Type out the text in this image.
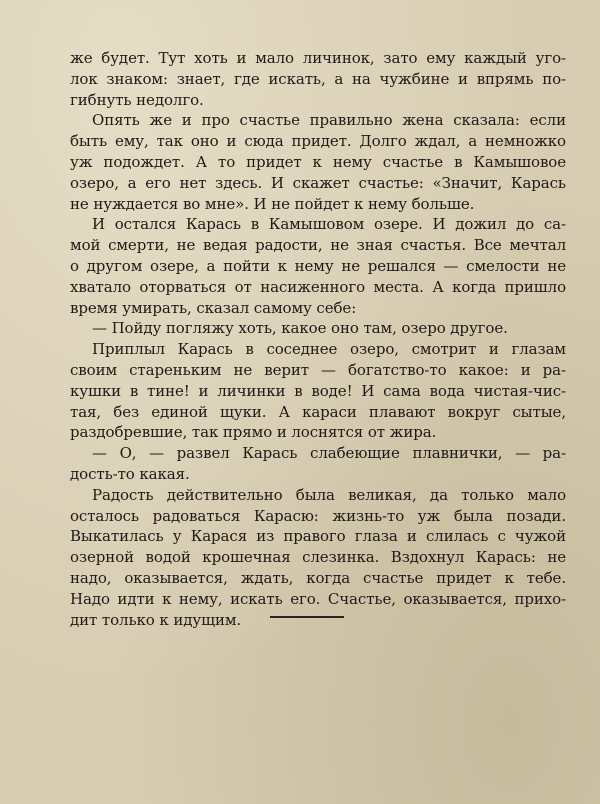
же будет. Тут хоть и мало личинок, зато ему каждый уго-
лок знаком: знает, где искать, а на чужбине и впрямь по-
гибнуть недолго.
Опять же и про счастье правильно жена сказала: если
быть ему, так оно и сюда придет. Долго ждал, а немножко
уж подождет. А то придет к нему счастье в Камышовое
озеро, а его нет здесь. И скажет счастье: «Значит, Карась
не нуждается во мне». И не пойдет к нему больше.
И остался Карась в Камышовом озере. И дожил до са-
мой смерти, не ведая радости, не зная счастья. Все мечтал
о другом озере, а пойти к нему не решался — смелости не
хватало оторваться от насиженного места. А когда пришло
время умирать, сказал самому себе:
— Пойду погляжу хоть, какое оно там, озеро другое.
Приплыл Карась в соседнее озеро, смотрит и глазам
своим стареньким не верит — богатство-то какое: и ра-
кушки в тине! и личинки в воде! И сама вода чистая-чис-
тая, без единой щуки. А караси плавают вокруг сытые,
раздобревшие, так прямо и лоснятся от жира.
— О, — развел Карась слабеющие плавнички, — ра-
дость-то какая.
Радость действительно была великая, да только мало
осталось радоваться Карасю: жизнь-то уж была позади.
Выкатилась у Карася из правого глаза и слилась с чужой
озерной водой крошечная слезинка. Вздохнул Карась: не
надо, оказывается, ждать, когда счастье придет к тебе.
Надо идти к нему, искать его. Счастье, оказывается, прихо-
дит только к идущим.
